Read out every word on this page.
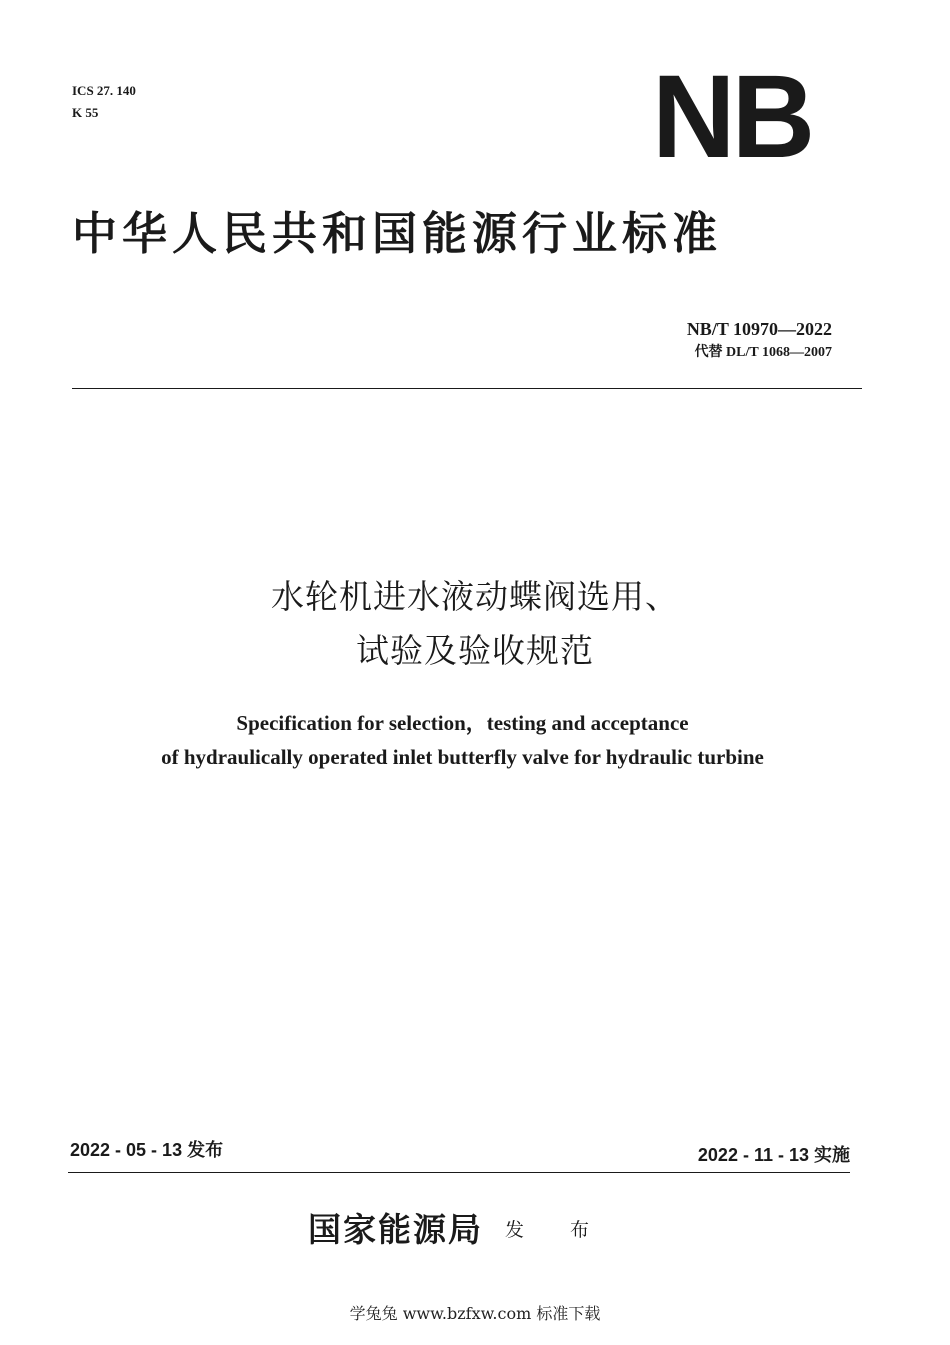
ICS 27. 140
K 55	NB
中华人民共和国能源行业标准
NB/T 10970—2022
代替 DL/T 1068—2007
水轮机进水液动蝶阀选用、
试验及验收规范
Specification for selection，testing and acceptance
of hydraulically operated inlet butterfly valve for hydraulic turbine
2022 - 05 - 13 发布	2022 - 11 - 13 实施
国家能源局 发 布
学兔兔 www.bzfxw.com 标准下载
